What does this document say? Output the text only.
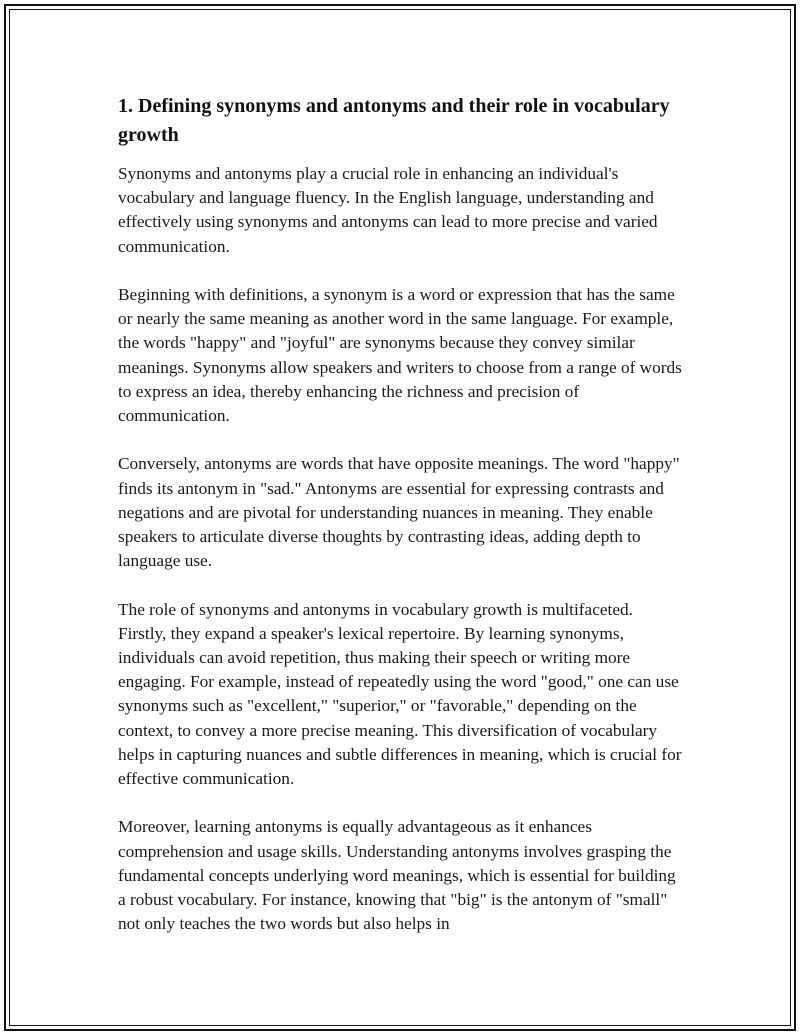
1. Defining synonyms and antonyms and their role in vocabulary growth

Synonyms and antonyms play a crucial role in enhancing an individual's vocabulary and language fluency. In the English language, understanding and effectively using synonyms and antonyms can lead to more precise and varied communication.

Beginning with definitions, a synonym is a word or expression that has the same or nearly the same meaning as another word in the same language. For example, the words "happy" and "joyful" are synonyms because they convey similar meanings. Synonyms allow speakers and writers to choose from a range of words to express an idea, thereby enhancing the richness and precision of communication.

Conversely, antonyms are words that have opposite meanings. The word "happy" finds its antonym in "sad." Antonyms are essential for expressing contrasts and negations and are pivotal for understanding nuances in meaning. They enable speakers to articulate diverse thoughts by contrasting ideas, adding depth to language use.

The role of synonyms and antonyms in vocabulary growth is multifaceted. Firstly, they expand a speaker's lexical repertoire. By learning synonyms, individuals can avoid repetition, thus making their speech or writing more engaging. For example, instead of repeatedly using the word "good," one can use synonyms such as "excellent," "superior," or "favorable," depending on the context, to convey a more precise meaning. This diversification of vocabulary helps in capturing nuances and subtle differences in meaning, which is crucial for effective communication.

Moreover, learning antonyms is equally advantageous as it enhances comprehension and usage skills. Understanding antonyms involves grasping the fundamental concepts underlying word meanings, which is essential for building a robust vocabulary. For instance, knowing that "big" is the antonym of "small" not only teaches the two words but also helps in
